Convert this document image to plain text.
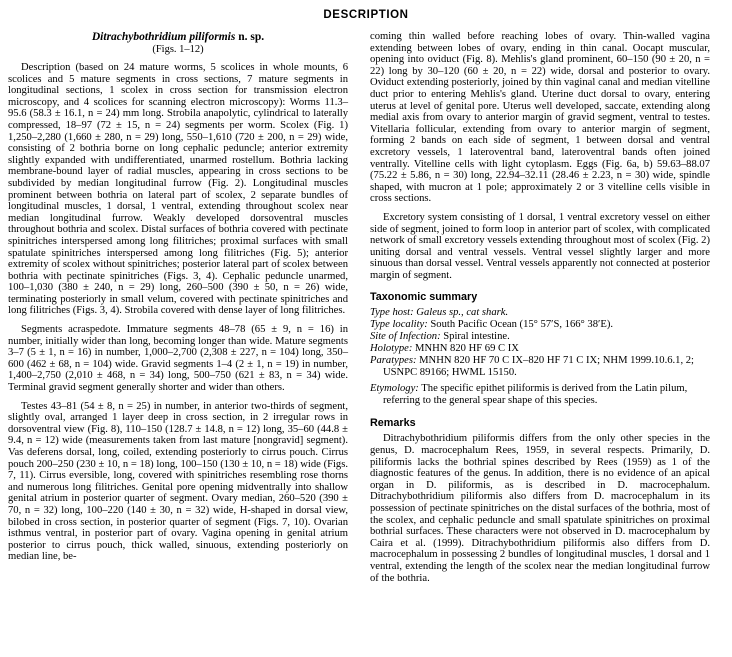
DESCRIPTION
Ditrachybothridium piliformis n. sp.
(Figs. 1–12)

Description (based on 24 mature worms, 5 scolices in whole mounts, 6 scolices and 5 mature segments in cross sections, 7 mature segments in longitudinal sections, 1 scolex in cross section for transmission electron microscopy, and 4 scolices for scanning electron microscopy): Worms 11.3–95.6 (58.3 ± 16.1, n = 24) mm long. Strobila anapolytic, cylindrical to laterally compressed, 18–97 (72 ± 15, n = 24) segments per worm. Scolex (Fig. 1) 1,250–2,280 (1,660 ± 280, n = 29) long, 550–1,610 (720 ± 200, n = 29) wide, consisting of 2 bothria borne on long cephalic peduncle; anterior extremity slightly expanded with undifferentiated, unarmed rostellum. Bothria lacking membrane-bound layer of radial muscles, appearing in cross sections to be subdivided by median longitudinal furrow (Fig. 2). Longitudinal muscles prominent between bothria on lateral part of scolex, 2 separate bundles of longitudinal muscles, 1 dorsal, 1 ventral, extending throughout scolex near median longitudinal furrow. Weakly developed dorsoventral muscles throughout bothria and scolex. Distal surfaces of bothria covered with pectinate spinitriches interspersed among long filitriches; proximal surfaces with small spatulate spinitriches interspersed among long filitriches (Fig. 5); anterior extremity of scolex without spinitriches; posterior lateral part of scolex between bothria with pectinate spinitriches (Figs. 3, 4). Cephalic peduncle unarmed, 100–1,030 (380 ± 240, n = 29) long, 260–500 (390 ± 50, n = 26) wide, terminating posteriorly in small velum, covered with pectinate spinitriches and long filitriches (Figs. 3, 4). Strobila covered with dense layer of long filitriches.

Segments acraspedote. Immature segments 48–78 (65 ± 9, n = 16) in number, initially wider than long, becoming longer than wide. Mature segments 3–7 (5 ± 1, n = 16) in number, 1,000–2,700 (2,308 ± 227, n = 104) long, 350–600 (462 ± 68, n = 104) wide. Gravid segments 1–4 (2 ± 1, n = 19) in number, 1,400–2,750 (2,010 ± 468, n = 34) long, 500–750 (621 ± 83, n = 34) wide. Terminal gravid segment generally shorter and wider than others.

Testes 43–81 (54 ± 8, n = 25) in number, in anterior two-thirds of segment, slightly oval, arranged 1 layer deep in cross section, in 2 irregular rows in dorsoventral view (Fig. 8), 110–150 (128.7 ± 14.8, n = 12) long, 35–60 (44.8 ± 9.4, n = 12) wide (measurements taken from last mature [nongravid] segment). Vas deferens dorsal, long, coiled, extending posteriorly to cirrus pouch. Cirrus pouch 200–250 (230 ± 10, n = 18) long, 100–150 (130 ± 10, n = 18) wide (Figs. 7, 11). Cirrus eversible, long, covered with spinitriches resembling rose thorns and numerous long filitriches. Genital pore opening midventrally into shallow genital atrium in posterior quarter of segment. Ovary median, 260–520 (390 ± 70, n = 32) long, 100–220 (140 ± 30, n = 32) wide, H-shaped in dorsal view, bilobed in cross section, in posterior quarter of segment (Figs. 7, 10). Ovarian isthmus ventral, in posterior part of ovary. Vagina opening in genital atrium posterior to cirrus pouch, thick walled, sinuous, extending posteriorly on median line, be-

coming thin walled before reaching lobes of ovary. Thin-walled vagina extending between lobes of ovary, ending in thin canal. Oocapt muscular, opening into oviduct (Fig. 8). Mehlis's gland prominent, 60–150 (90 ± 20, n = 22) long by 30–120 (60 ± 20, n = 22) wide, dorsal and posterior to ovary. Oviduct extending posteriorly, joined by thin vaginal canal and median vitelline duct prior to entering Mehlis's gland. Uterine duct dorsal to ovary, entering uterus at level of genital pore. Uterus well developed, saccate, extending along medial axis from ovary to anterior margin of gravid segment, ventral to testes. Vitellaria follicular, extending from ovary to anterior margin of segment, forming 2 bands on each side of segment, 1 between dorsal and ventral excretory vessels, 1 lateroventral band, lateroventral bands often joined ventrally. Vitelline cells with light cytoplasm. Eggs (Fig. 6a, b) 59.63–88.07 (75.22 ± 5.86, n = 30) long, 22.94–32.11 (28.46 ± 2.23, n = 30) wide, spindle shaped, with mucron at 1 pole; approximately 2 or 3 vitelline cells visible in cross sections.

Excretory system consisting of 1 dorsal, 1 ventral excretory vessel on either side of segment, joined to form loop in anterior part of scolex, with complicated network of small excretory vessels extending throughout most of scolex (Fig. 2) uniting dorsal and ventral vessels. Ventral vessel slightly larger and more sinuous than dorsal vessel. Ventral vessels apparently not connected at posterior margin of segment.

Taxonomic summary

Type host: Galeus sp., cat shark.

Type locality: South Pacific Ocean (15° 57′S, 166° 38′E).

Site of Infection: Spiral intestine.

Holotype: MNHN 820 HF 69 C IX

Paratypes: MNHN 820 HF 70 C IX–820 HF 71 C IX; NHM 1999.10.6.1, 2; USNPC 89166; HWML 15150.

Etymology: The specific epithet piliformis is derived from the Latin pilum, referring to the general spear shape of this species.

Remarks

Ditrachybothridium piliformis differs from the only other species in the genus, D. macrocephalum Rees, 1959, in several respects. Primarily, D. piliformis lacks the bothrial spines described by Rees (1959) as 1 of the diagnostic features of the genus. In addition, there is no evidence of an apical organ in D. piliformis, as is described in D. macrocephalum. Ditrachybothridium piliformis also differs from D. macrocephalum in its possession of pectinate spinitriches on the distal surfaces of the bothria, most of the scolex, and cephalic peduncle and small spatulate spinitriches on proximal bothrial surfaces. These characters were not observed in D. macrocephalum by Caira et al. (1999). Ditrachybothridium piliformis also differs from D. macrocephalum in possessing 2 bundles of longitudinal muscles, 1 dorsal and 1 ventral, extending the length of the scolex near the median longitudinal furrow of the bothria.
